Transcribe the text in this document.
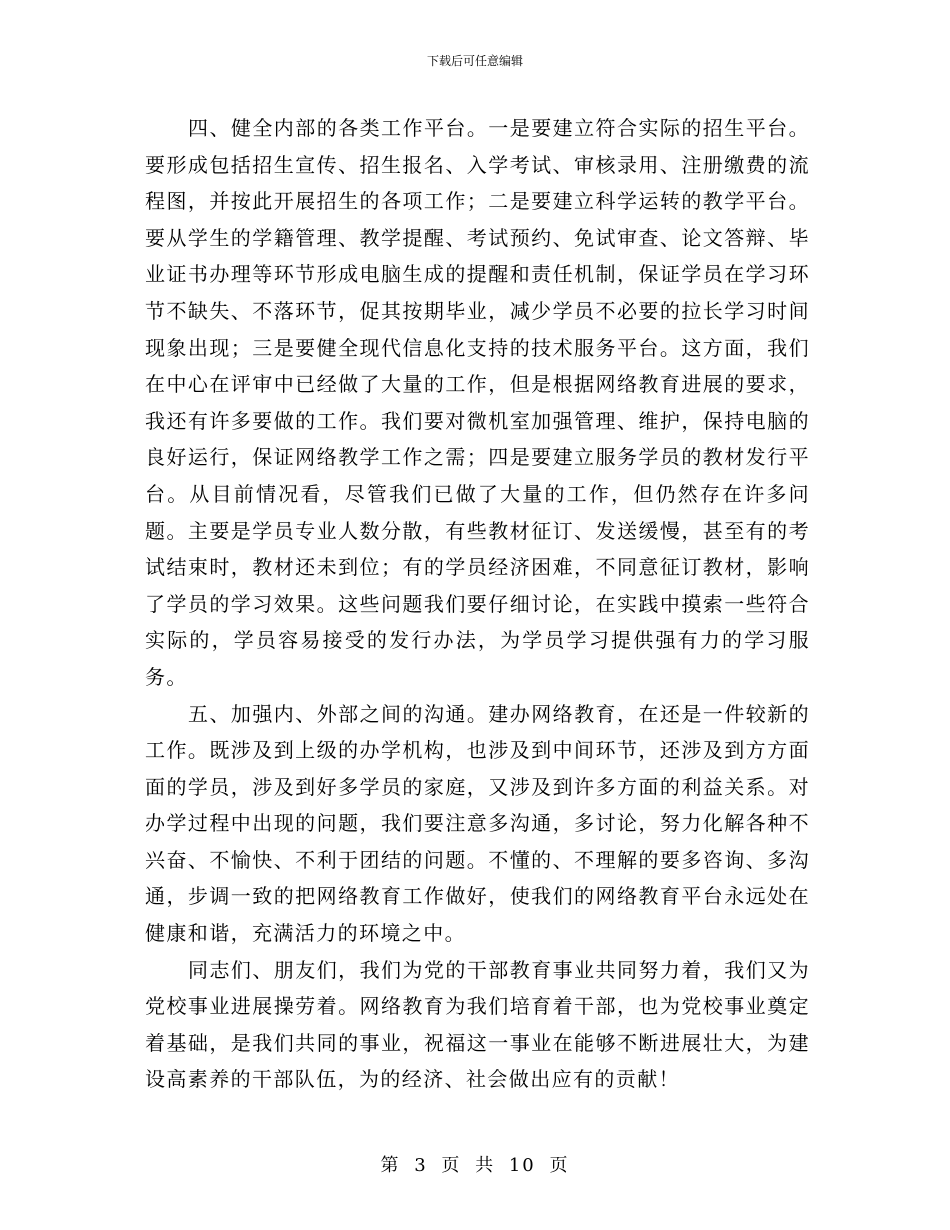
下载后可任意编辑

四、健全内部的各类工作平台。一是要建立符合实际的招生平台。要形成包括招生宣传、招生报名、入学考试、审核录用、注册缴费的流程图，并按此开展招生的各项工作；二是要建立科学运转的教学平台。要从学生的学籍管理、教学提醒、考试预约、免试审查、论文答辩、毕业证书办理等环节形成电脑生成的提醒和责任机制，保证学员在学习环节不缺失、不落环节，促其按期毕业，减少学员不必要的拉长学习时间现象出现；三是要健全现代信息化支持的技术服务平台。这方面，我们在中心在评审中已经做了大量的工作，但是根据网络教育进展的要求，我还有许多要做的工作。我们要对微机室加强管理、维护，保持电脑的良好运行，保证网络教学工作之需；四是要建立服务学员的教材发行平台。从目前情况看，尽管我们已做了大量的工作，但仍然存在许多问题。主要是学员专业人数分散，有些教材征订、发送缓慢，甚至有的考试结束时，教材还未到位；有的学员经济困难，不同意征订教材，影响了学员的学习效果。这些问题我们要仔细讨论，在实践中摸索一些符合实际的，学员容易接受的发行办法，为学员学习提供强有力的学习服务。

五、加强内、外部之间的沟通。建办网络教育，在还是一件较新的工作。既涉及到上级的办学机构，也涉及到中间环节，还涉及到方方面面的学员，涉及到好多学员的家庭，又涉及到许多方面的利益关系。对办学过程中出现的问题，我们要注意多沟通，多讨论，努力化解各种不兴奋、不愉快、不利于团结的问题。不懂的、不理解的要多咨询、多沟通，步调一致的把网络教育工作做好，使我们的网络教育平台永远处在健康和谐，充满活力的环境之中。

同志们、朋友们，我们为党的干部教育事业共同努力着，我们又为党校事业进展操劳着。网络教育为我们培育着干部，也为党校事业奠定着基础，是我们共同的事业，祝福这一事业在能够不断进展壮大，为建设高素养的干部队伍，为的经济、社会做出应有的贡献！

第 3 页 共 10 页
